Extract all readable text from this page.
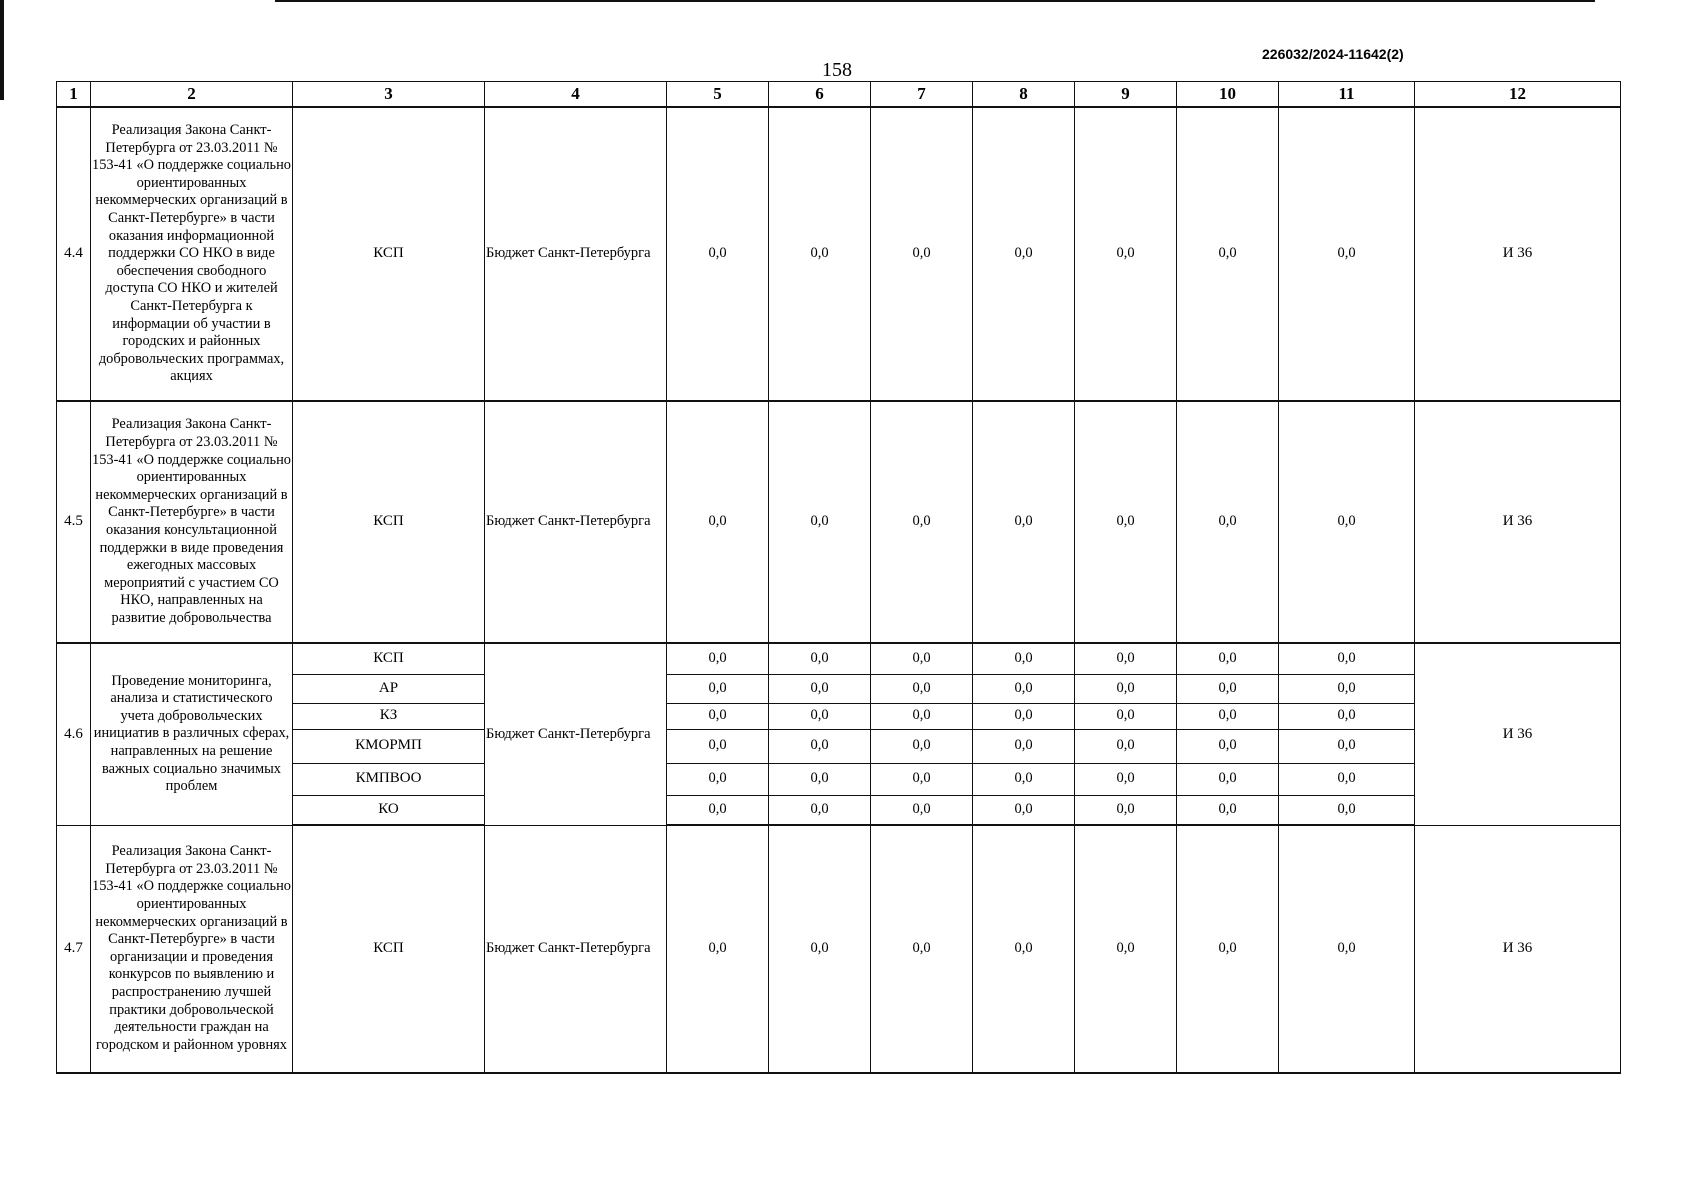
158
226032/2024-11642(2)
1	2	3	4	5	6	7	8	9	10	11	12
4.4	Реализация Закона Санкт-Петербурга от 23.03.2011 № 153-41 «О поддержке социально ориентированных некоммерческих организаций в Санкт-Петербурге» в части оказания информационной поддержки СО НКО в виде обеспечения свободного доступа СО НКО и жителей Санкт-Петербурга к информации об участии в городских и районных добровольческих программах, акциях	КСП	Бюджет Санкт-Петербурга	0,0	0,0	0,0	0,0	0,0	0,0	0,0	И 36
4.5	Реализация Закона Санкт-Петербурга от 23.03.2011 № 153-41 «О поддержке социально ориентированных некоммерческих организаций в Санкт-Петербурге» в части оказания консультационной поддержки в виде проведения ежегодных массовых мероприятий с участием СО НКО, направленных на развитие добровольчества	КСП	Бюджет Санкт-Петербурга	0,0	0,0	0,0	0,0	0,0	0,0	0,0	И 36
4.6	Проведение мониторинга, анализа и статистического учета добровольческих инициатив в различных сферах, направленных на решение важных социально значимых проблем	КСП	Бюджет Санкт-Петербурга	0,0	0,0	0,0	0,0	0,0	0,0	0,0	И 36
		АР		0,0	0,0	0,0	0,0	0,0	0,0	0,0	
		КЗ		0,0	0,0	0,0	0,0	0,0	0,0	0,0	
		КМОРМП		0,0	0,0	0,0	0,0	0,0	0,0	0,0	
		КМПВОО		0,0	0,0	0,0	0,0	0,0	0,0	0,0	
		КО		0,0	0,0	0,0	0,0	0,0	0,0	0,0	
4.7	Реализация Закона Санкт-Петербурга от 23.03.2011 № 153-41 «О поддержке социально ориентированных некоммерческих организаций в Санкт-Петербурге» в части организации и проведения конкурсов по выявлению и распространению лучшей практики добровольческой деятельности граждан на городском и районном уровнях	КСП	Бюджет Санкт-Петербурга	0,0	0,0	0,0	0,0	0,0	0,0	0,0	И 36
